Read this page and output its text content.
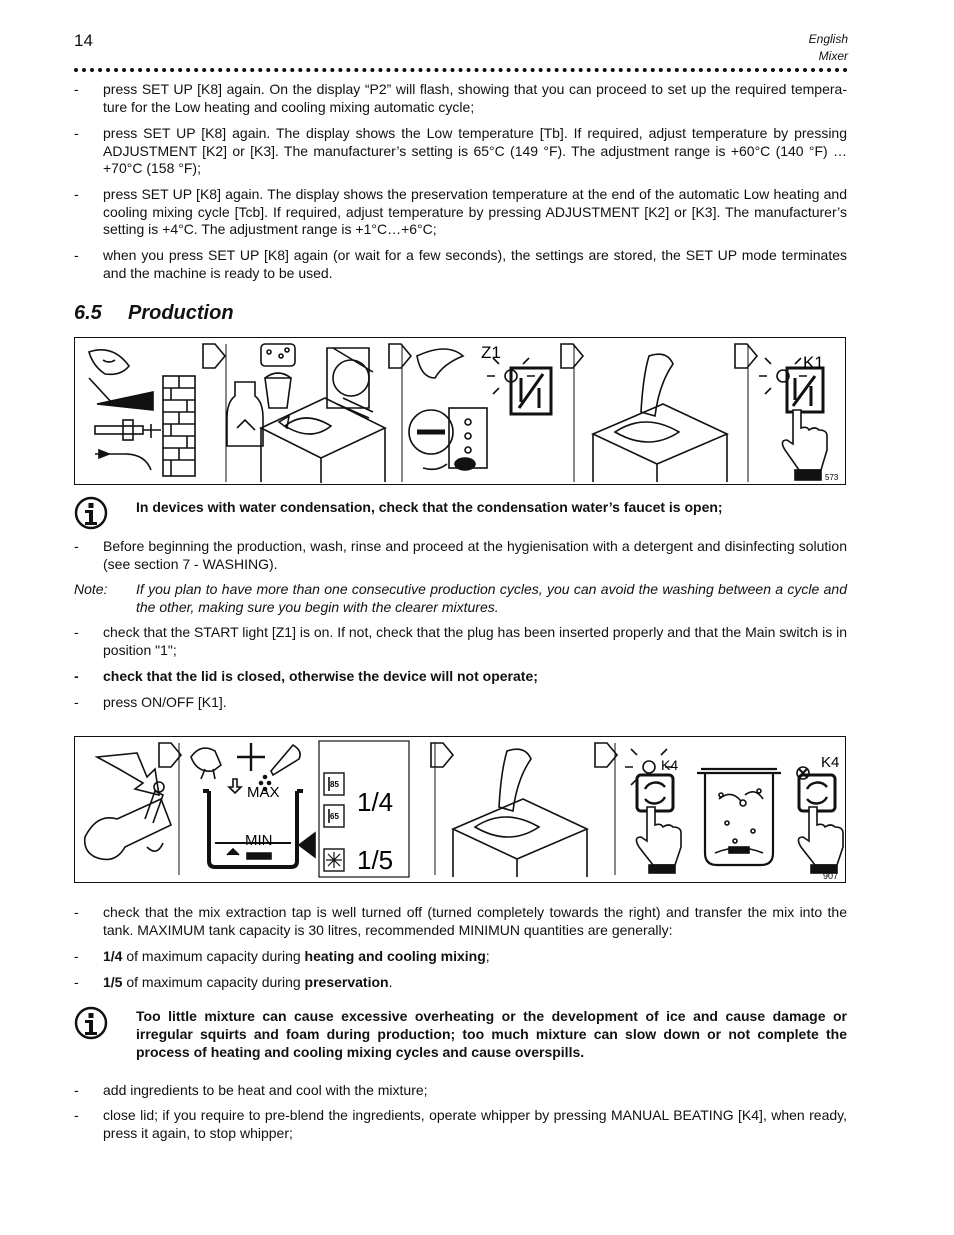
14	English
Mixer
-	press SET UP [K8] again. On the display “P2” will flash, showing that you can proceed to set up the required tempera-ture for the Low heating and cooling mixing automatic cycle;
-	press SET UP [K8] again. The display shows the Low temperature [Tb]. If required, adjust temperature by pressing ADJUSTMENT [K2] or [K3]. The manufacturer’s setting is 65°C (149 °F). The adjustment range is +60°C (140 °F) …+70°C (158 °F);
-	press SET UP [K8] again. The display shows the preservation temperature at the end of the automatic Low heating and cooling mixing cycle [Tcb]. If required, adjust temperature by pressing ADJUSTMENT [K2] or [K3]. The manufacturer’s setting is +4°C. The adjustment range is +1°C…+6°C;
-	when you press SET UP [K8] again (or wait for a few seconds), the settings are stored, the SET UP mode terminates and the machine is ready to be used.
6.5 Production
Z1
K1
573
In devices with water condensation, check that the condensation water’s faucet is open;
-	Before beginning the production, wash, rinse and proceed at the hygienisation with a detergent and disinfecting solution (see section 7 - WASHING).
Note: If you plan to have more than one consecutive production cycles, you can avoid the washing between a cycle and the other, making sure you begin with the clearer mixtures.
-	check that the START light [Z1] is on. If not, check that the plug has been inserted properly and that the Main switch is in position "1";
-	check that the lid is closed, otherwise the device will not operate;
-	press ON/OFF [K1].
MAX
MIN
85
65 1/4
1/5
K4	K4
907
-	check that the mix extraction tap is well turned off (turned completely towards the right) and transfer the mix into the tank. MAXIMUM tank capacity is 30 litres, recommended MINIMUN quantities are generally:
-	1/4 of maximum capacity during heating and cooling mixing;
-	1/5 of maximum capacity during preservation.
Too little mixture can cause excessive overheating or the development of ice and cause damage or irregular squirts and foam during production; too much mixture can slow down or not complete the process of heating and cooling mixing cycles and cause overspills.
-	add ingredients to be heat and cool with the mixture;
-	close lid; if you require to pre-blend the ingredients, operate whipper by pressing MANUAL BEATING [K4], when ready, press it again, to stop whipper;
